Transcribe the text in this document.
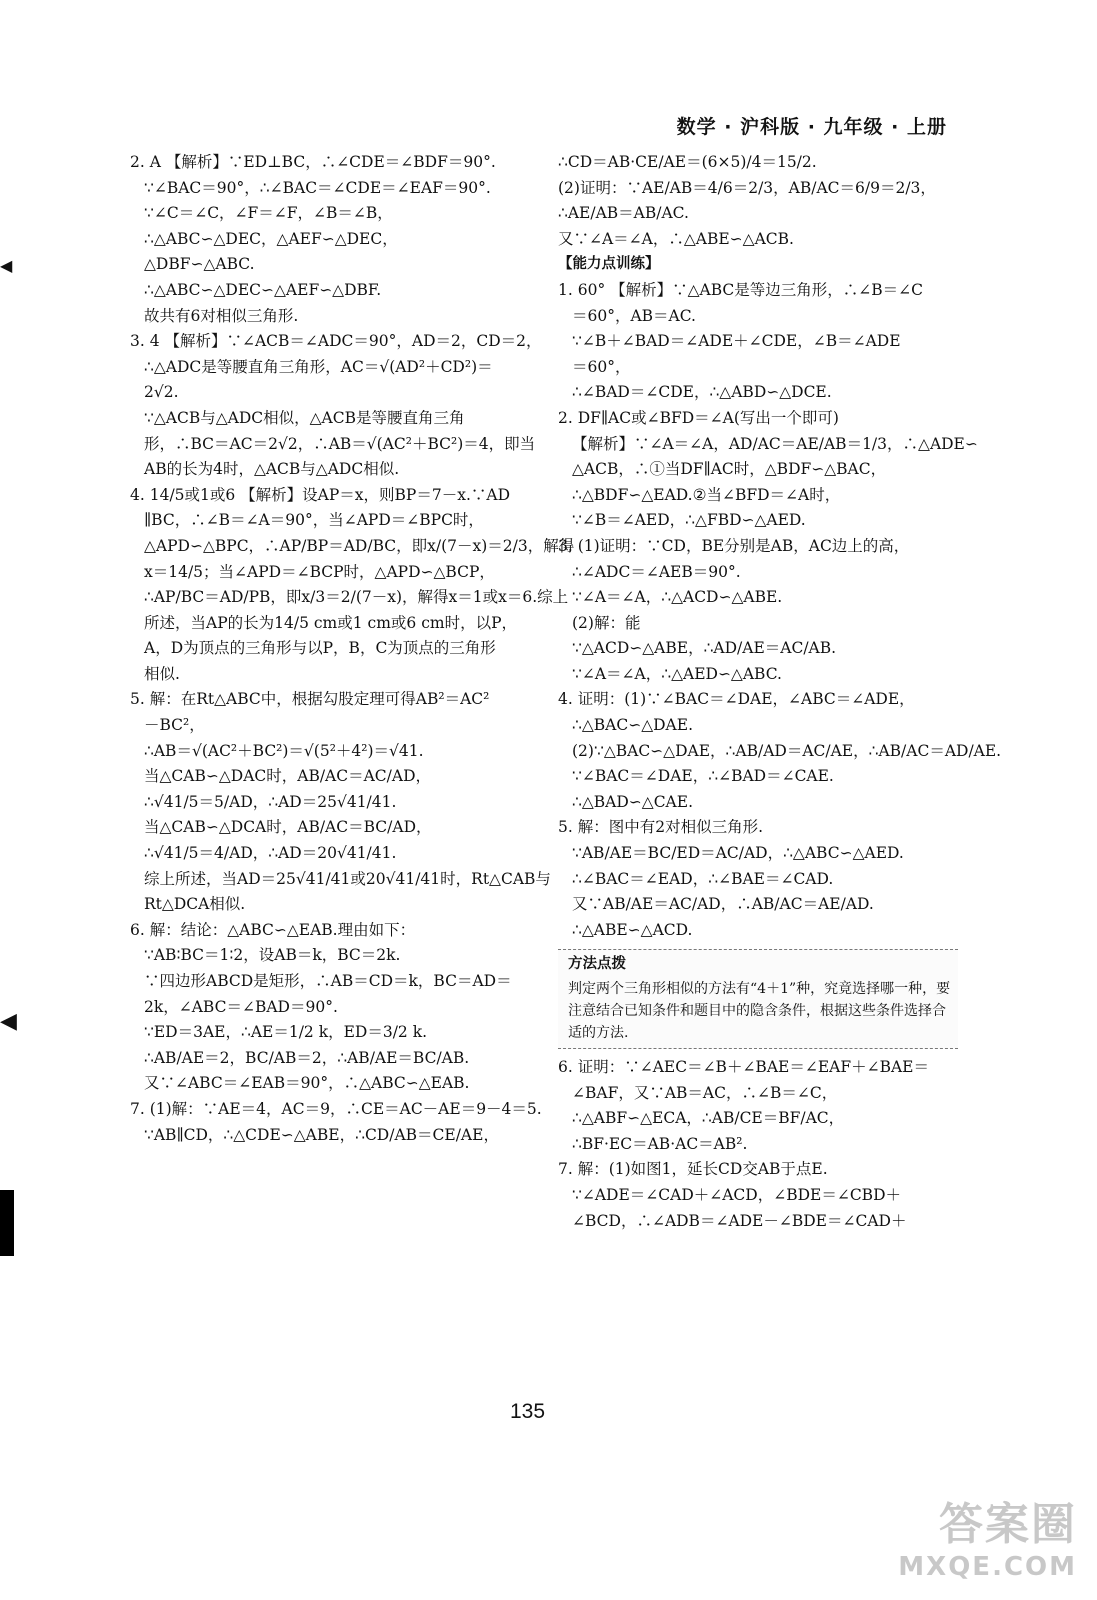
数学 · 沪科版 · 九年级 · 上册
2. A 【解析】∵ED⊥BC，∴∠CDE＝∠BDF＝90°.
∵∠BAC＝90°，∴∠BAC＝∠CDE＝∠EAF＝90°.
∵∠C＝∠C，∠F＝∠F，∠B＝∠B，
∴△ABC∽△DEC，△AEF∽△DEC，
△DBF∽△ABC.
∴△ABC∽△DEC∽△AEF∽△DBF.
故共有6对相似三角形.
3. 4 【解析】∵∠ACB＝∠ADC＝90°，AD＝2，CD＝2，
∴△ADC是等腰直角三角形，AC＝√(AD²＋CD²)＝
2√2.
∵△ACB与△ADC相似，△ACB是等腰直角三角
形，∴BC＝AC＝2√2，∴AB＝√(AC²＋BC²)＝4，即当
AB的长为4时，△ACB与△ADC相似.
4. 14/5或1或6 【解析】设AP＝x，则BP＝7－x.∵AD
∥BC，∴∠B＝∠A＝90°，当∠APD＝∠BPC时，
△APD∽△BPC，∴AP/BP＝AD/BC，即x/(7－x)＝2/3，解得
x＝14/5；当∠APD＝∠BCP时，△APD∽△BCP，
∴AP/BC＝AD/PB，即x/3＝2/(7－x)，解得x＝1或x＝6.综上
所述，当AP的长为14/5 cm或1 cm或6 cm时，以P，
A，D为顶点的三角形与以P，B，C为顶点的三角形
相似.
5. 解：在Rt△ABC中，根据勾股定理可得AB²＝AC²
－BC²，
∴AB＝√(AC²＋BC²)＝√(5²＋4²)＝√41.
当△CAB∽△DAC时，AB/AC＝AC/AD，
∴√41/5＝5/AD，∴AD＝25√41/41.
当△CAB∽△DCA时，AB/AC＝BC/AD，
∴√41/5＝4/AD，∴AD＝20√41/41.
综上所述，当AD＝25√41/41或20√41/41时，Rt△CAB与
Rt△DCA相似.
6. 解：结论：△ABC∽△EAB.理由如下：
∵AB∶BC＝1∶2，设AB＝k，BC＝2k.
∵四边形ABCD是矩形，∴AB＝CD＝k，BC＝AD＝
2k，∠ABC＝∠BAD＝90°.
∵ED＝3AE，∴AE＝1/2 k，ED＝3/2 k.
∴AB/AE＝2，BC/AB＝2，∴AB/AE＝BC/AB.
又∵∠ABC＝∠EAB＝90°，∴△ABC∽△EAB.
7. (1)解：∵AE＝4，AC＝9，∴CE＝AC－AE＝9－4＝5.
∵AB∥CD，∴△CDE∽△ABE，∴CD/AB＝CE/AE，
∴CD＝AB·CE/AE＝(6×5)/4＝15/2.
(2)证明：∵AE/AB＝4/6＝2/3，AB/AC＝6/9＝2/3，
∴AE/AB＝AB/AC.
又∵∠A＝∠A，∴△ABE∽△ACB.
【能力点训练】
1. 60° 【解析】∵△ABC是等边三角形，∴∠B＝∠C
＝60°，AB＝AC.
∵∠B＋∠BAD＝∠ADE＋∠CDE，∠B＝∠ADE
＝60°，
∴∠BAD＝∠CDE，∴△ABD∽△DCE.
2. DF∥AC或∠BFD＝∠A(写出一个即可)
【解析】∵∠A＝∠A，AD/AC＝AE/AB＝1/3，∴△ADE∽
△ACB，∴①当DF∥AC时，△BDF∽△BAC，
∴△BDF∽△EAD.②当∠BFD＝∠A时，
∵∠B＝∠AED，∴△FBD∽△AED.
3. (1)证明：∵CD，BE分别是AB，AC边上的高，
∴∠ADC＝∠AEB＝90°.
∵∠A＝∠A，∴△ACD∽△ABE.
(2)解：能
∵△ACD∽△ABE，∴AD/AE＝AC/AB.
∵∠A＝∠A，∴△AED∽△ABC.
4. 证明：(1)∵∠BAC＝∠DAE，∠ABC＝∠ADE，
∴△BAC∽△DAE.
(2)∵△BAC∽△DAE，∴AB/AD＝AC/AE，∴AB/AC＝AD/AE.
∵∠BAC＝∠DAE，∴∠BAD＝∠CAE.
∴△BAD∽△CAE.
5. 解：图中有2对相似三角形.
∵AB/AE＝BC/ED＝AC/AD，∴△ABC∽△AED.
∴∠BAC＝∠EAD，∴∠BAE＝∠CAD.
又∵AB/AE＝AC/AD，∴AB/AC＝AE/AD.
∴△ABE∽△ACD.
方法点拨
判定两个三角形相似的方法有“4＋1”种，究竟选择哪一种，要注意结合已知条件和题目中的隐含条件，根据这些条件选择合适的方法.
6. 证明：∵∠AEC＝∠B＋∠BAE＝∠EAF＋∠BAE＝
∠BAF，又∵AB＝AC，∴∠B＝∠C，
∴△ABF∽△ECA，∴AB/CE＝BF/AC，
∴BF·EC＝AB·AC＝AB².
7. 解：(1)如图1，延长CD交AB于点E.
∵∠ADE＝∠CAD＋∠ACD，∠BDE＝∠CBD＋
∠BCD，∴∠ADB＝∠ADE－∠BDE＝∠CAD＋
135
◀
◀
答案圈
MXQE.COM
